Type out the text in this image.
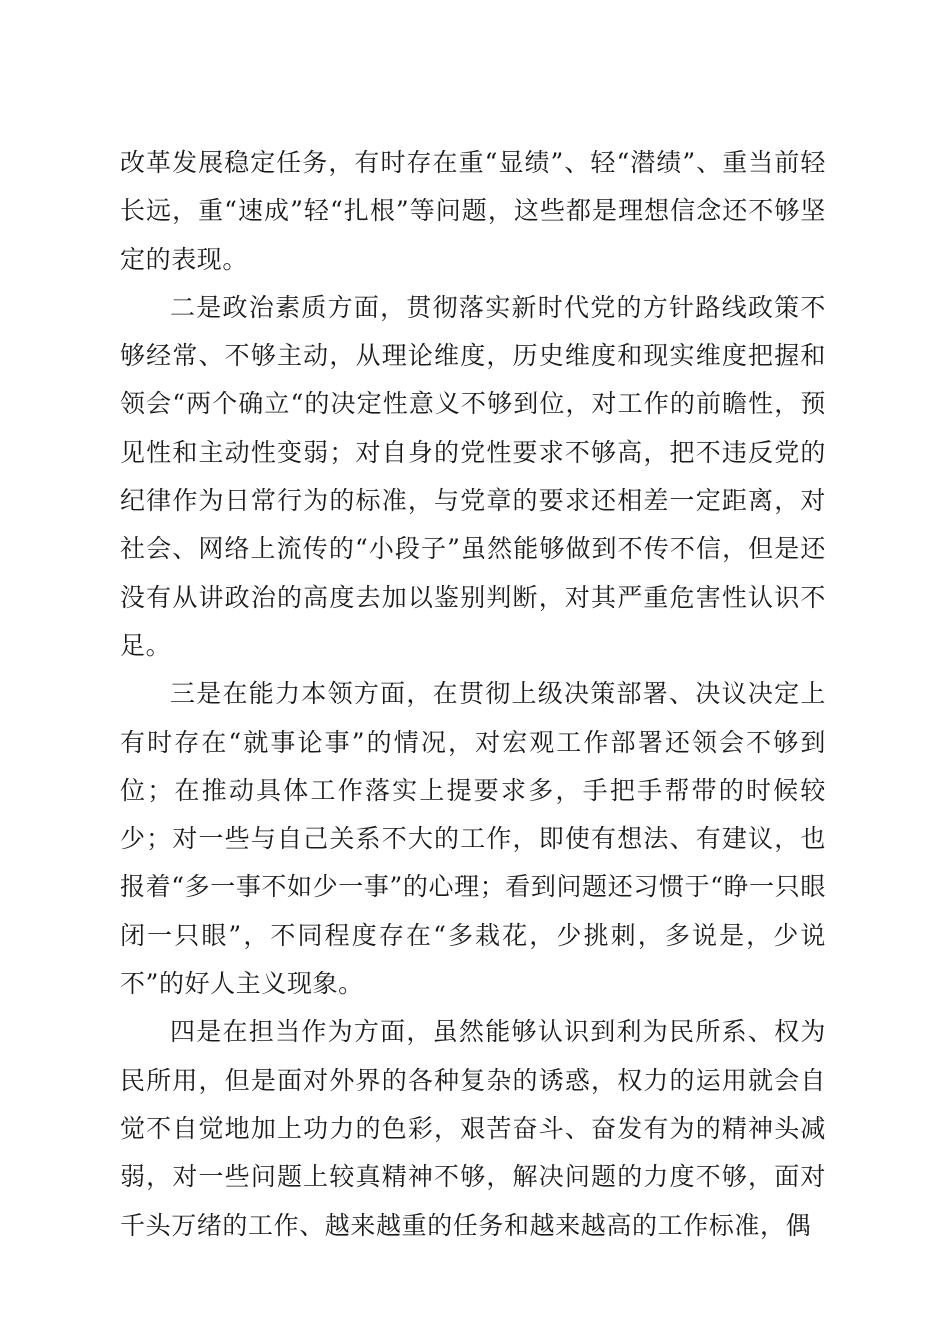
改革发展稳定任务，有时存在重“显绩”、轻“潜绩”、重当前轻长远，重“速成”轻“扎根”等问题，这些都是理想信念还不够坚定的表现。

二是政治素质方面，贯彻落实新时代党的方针路线政策不够经常、不够主动，从理论维度，历史维度和现实维度把握和领会“两个确立“的决定性意义不够到位，对工作的前瞻性，预见性和主动性变弱；对自身的党性要求不够高，把不违反党的纪律作为日常行为的标准，与党章的要求还相差一定距离，对社会、网络上流传的“小段子”虽然能够做到不传不信，但是还没有从讲政治的高度去加以鉴别判断，对其严重危害性认识不足。

三是在能力本领方面，在贯彻上级决策部署、决议决定上有时存在“就事论事”的情况，对宏观工作部署还领会不够到位；在推动具体工作落实上提要求多，手把手帮带的时候较少；对一些与自己关系不大的工作，即使有想法、有建议，也报着“多一事不如少一事”的心理；看到问题还习惯于“睁一只眼闭一只眼”，不同程度存在“多栽花，少挑刺，多说是，少说不”的好人主义现象。

四是在担当作为方面，虽然能够认识到利为民所系、权为民所用，但是面对外界的各种复杂的诱惑，权力的运用就会自觉不自觉地加上功力的色彩，艰苦奋斗、奋发有为的精神头减弱，对一些问题上较真精神不够，解决问题的力度不够，面对千头万绪的工作、越来越重的任务和越来越高的工作标准，偶
